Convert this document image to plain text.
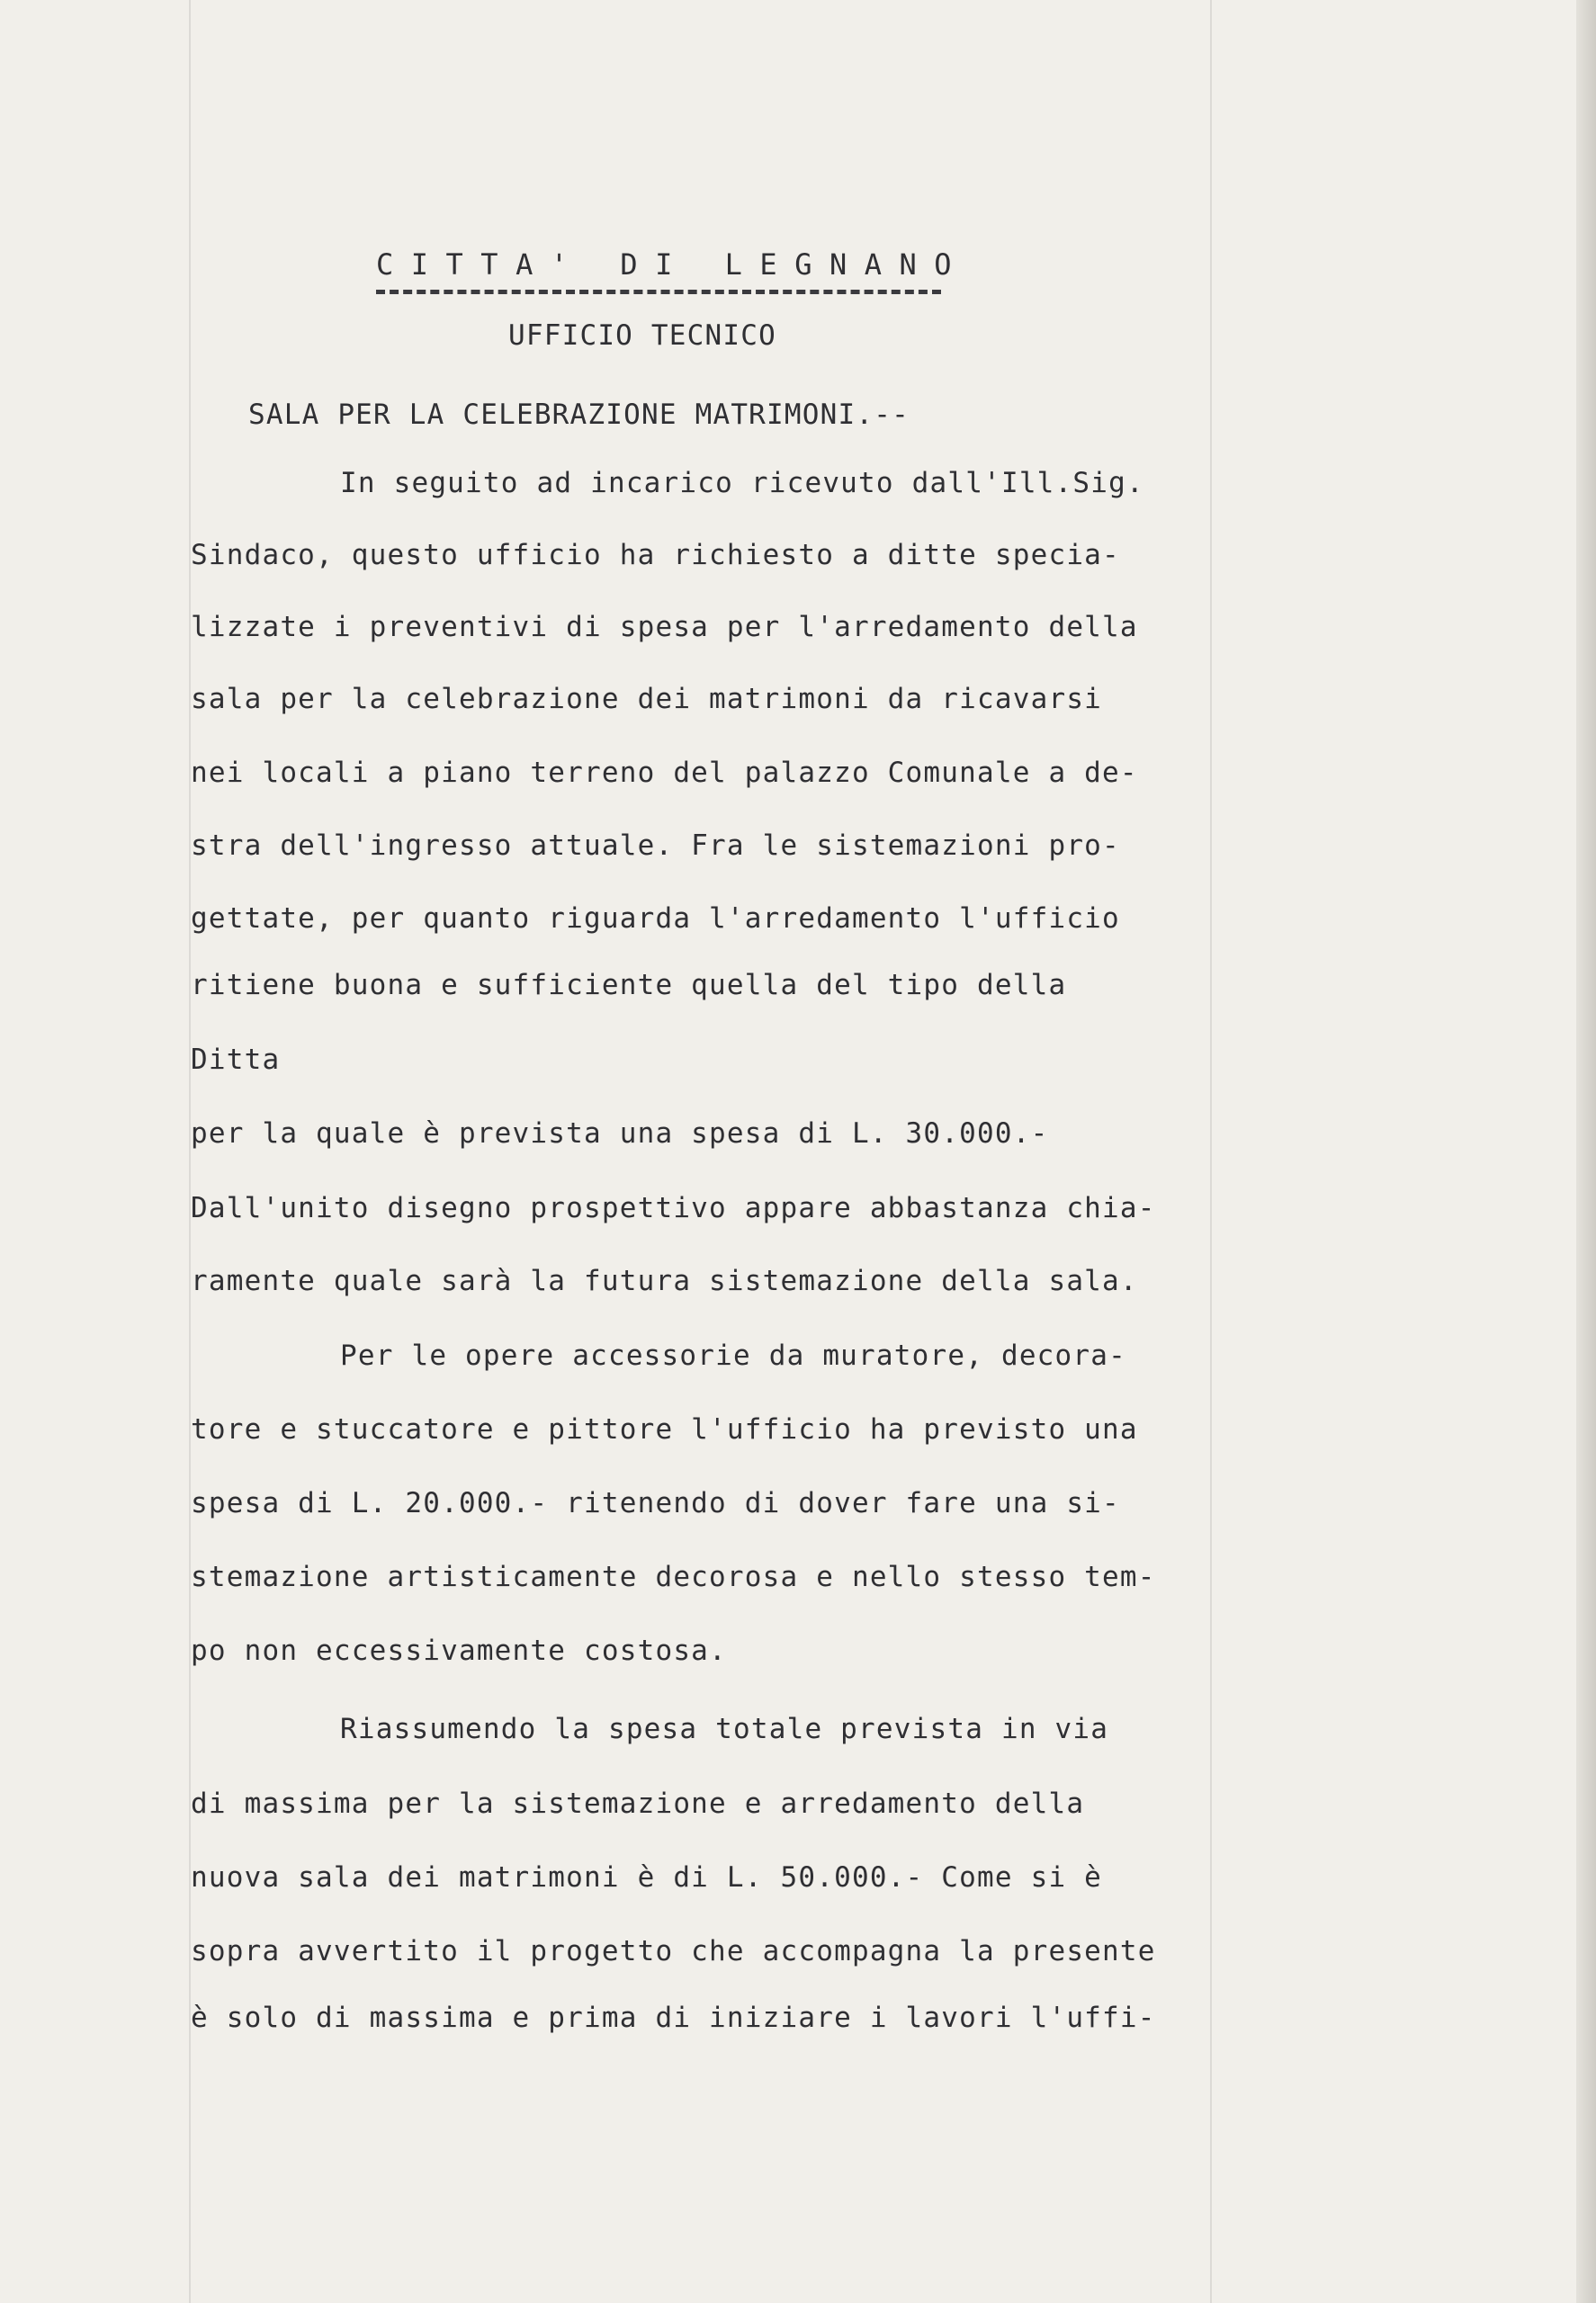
CITTA' DI LEGNANO

UFFICIO TECNICO

SALA PER LA CELEBRAZIONE MATRIMONI.--

In seguito ad incarico ricevuto dall'Ill.Sig.

Sindaco, questo ufficio ha richiesto a ditte specia-

lizzate i preventivi di spesa per l'arredamento della

sala per la celebrazione dei matrimoni da ricavarsi

nei locali a piano terreno del palazzo Comunale a de-

stra dell'ingresso attuale. Fra le sistemazioni pro-

gettate, per quanto riguarda l'arredamento l'ufficio

ritiene buona e sufficiente quella del tipo della

Ditta

per la quale è prevista una spesa di L. 30.000.-

Dall'unito disegno prospettivo appare abbastanza chia-

ramente quale sarà la futura sistemazione della sala.

Per le opere accessorie da muratore, decora-

tore e stuccatore e pittore l'ufficio ha previsto una

spesa di L. 20.000.- ritenendo di dover fare una si-

stemazione artisticamente decorosa e nello stesso tem-

po non eccessivamente costosa.

Riassumendo la spesa totale prevista in via

di massima per la sistemazione e arredamento della

nuova sala dei matrimoni è di L. 50.000.- Come si è

sopra avvertito il progetto che accompagna la presente

è solo di massima e prima di iniziare i lavori l'uffi-
